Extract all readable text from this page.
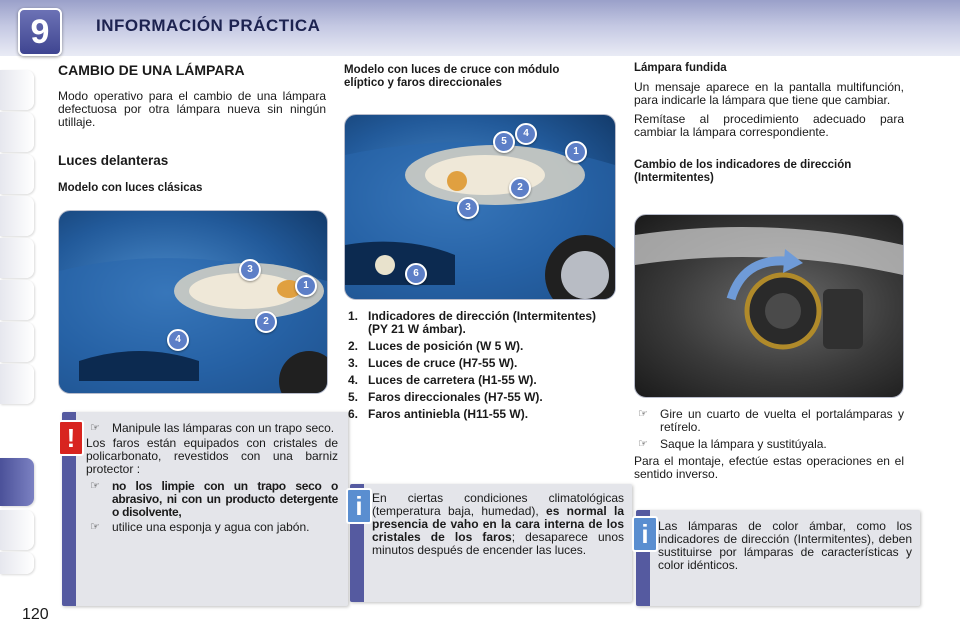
9	INFORMACIÓN PRÁCTICA
120
CAMBIO DE UNA LÁMPARA

Modo operativo para el cambio de una lámpara defectuosa por otra lámpara nueva sin ningún utillaje.

Luces delanteras
Modelo con luces clásicas
3
1
2
4
!	☞ Manipule las lámparas con un trapo seco.
Los faros están equipados con cristales de policarbonato, revestidos con una barniz protector :
☞ no los limpie con un trapo seco o abrasivo, ni con un producto detergente o disolvente,
☞ utilice una esponja y agua con jabón.
Modelo con luces de cruce con módulo elíptico y faros direccionales
5
4
1
2
3
6
1. Indicadores de dirección (Intermitentes) (PY 21 W ámbar).
2. Luces de posición (W 5 W).
3. Luces de cruce (H7-55 W).
4. Luces de carretera (H1-55 W).
5. Faros direccionales (H7-55 W).
6. Faros antiniebla (H11-55 W).
i En ciertas condiciones climatológicas (temperatura baja, humedad), es normal la presencia de vaho en la cara interna de los cristales de los faros; desaparece unos minutos después de encender las luces.
Lámpara fundida

Un mensaje aparece en la pantalla multifunción, para indicarle la lámpara que tiene que cambiar.

Remítase al procedimiento adecuado para cambiar la lámpara correspondiente.

Cambio de los indicadores de dirección (Intermitentes)
☞ Gire un cuarto de vuelta el portalámparas y retírelo.
☞ Saque la lámpara y sustitúyala.

Para el montaje, efectúe estas operaciones en el sentido inverso.

i Las lámparas de color ámbar, como los indicadores de dirección (Intermitentes), deben sustituirse por lámparas de características y color idénticos.
